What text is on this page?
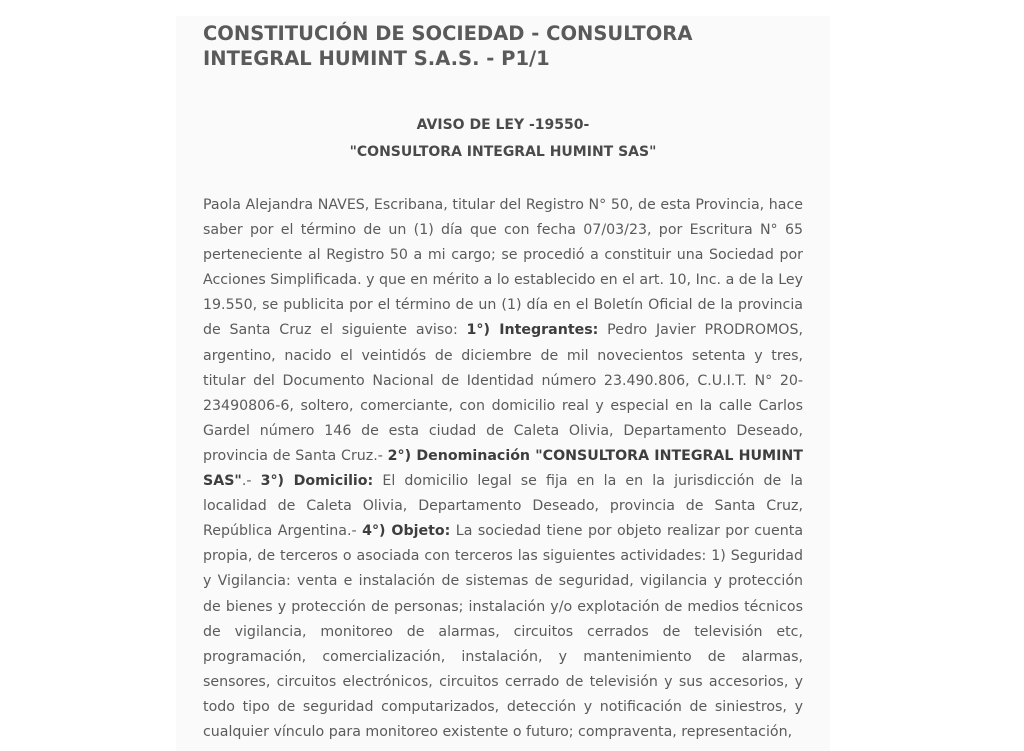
CONSTITUCIÓN DE SOCIEDAD - CONSULTORA INTEGRAL HUMINT S.A.S. - P1/1
AVISO DE LEY -19550-
"CONSULTORA INTEGRAL HUMINT SAS"

Paola Alejandra NAVES, Escribana, titular del Registro N° 50, de esta Provincia, hace saber por el término de un (1) día que con fecha 07/03/23, por Escritura N° 65 perteneciente al Registro 50 a mi cargo; se procedió a constituir una Sociedad por Acciones Simplificada. y que en mérito a lo establecido en el art. 10, Inc. a de la Ley 19.550, se publicita por el término de un (1) día en el Boletín Oficial de la provincia de Santa Cruz el siguiente aviso: 1°) Integrantes: Pedro Javier PRODROMOS, argentino, nacido el veintidós de diciembre de mil novecientos setenta y tres, titular del Documento Nacional de Identidad número 23.490.806, C.U.I.T. N° 20-23490806-6, soltero, comerciante, con domicilio real y especial en la calle Carlos Gardel número 146 de esta ciudad de Caleta Olivia, Departamento Deseado, provincia de Santa Cruz.- 2°) Denominación "CONSULTORA INTEGRAL HUMINT SAS".- 3°) Domicilio: El domicilio legal se fija en la en la jurisdicción de la localidad de Caleta Olivia, Departamento Deseado, provincia de Santa Cruz, República Argentina.- 4°) Objeto: La sociedad tiene por objeto realizar por cuenta propia, de terceros o asociada con terceros las siguientes actividades: 1) Seguridad y Vigilancia: venta e instalación de sistemas de seguridad, vigilancia y protección de bienes y protección de personas; instalación y/o explotación de medios técnicos de vigilancia, monitoreo de alarmas, circuitos cerrados de televisión etc, programación, comercialización, instalación, y mantenimiento de alarmas, sensores, circuitos electrónicos, circuitos cerrado de televisión y sus accesorios, y todo tipo de seguridad computarizados, detección y notificación de siniestros, y cualquier vínculo para monitoreo existente o futuro; compraventa, representación,
